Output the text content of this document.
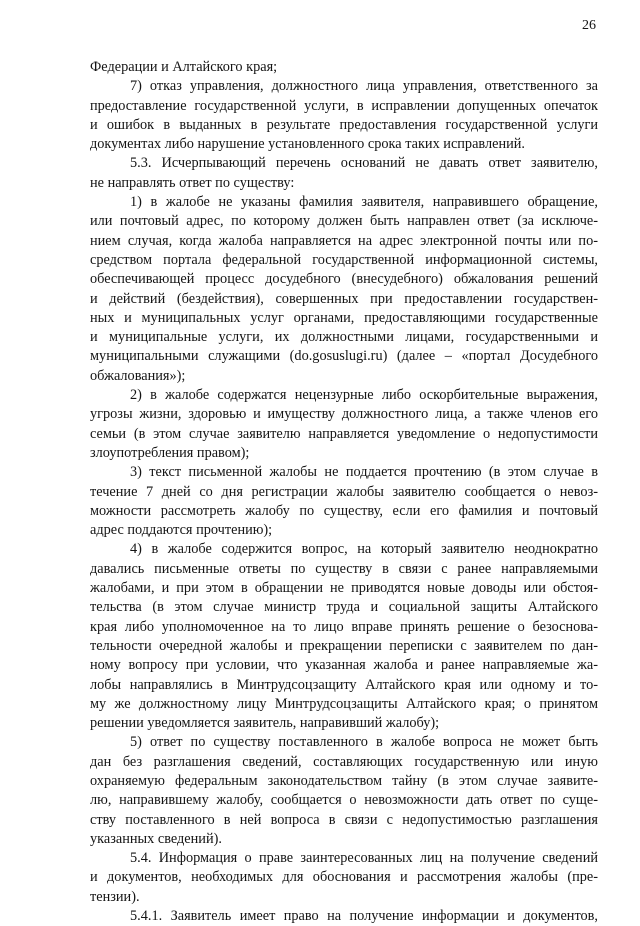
26
Федерации и Алтайского края;
7) отказ управления, должностного лица управления, ответственного за
предоставление государственной услуги, в исправлении допущенных опечаток
и ошибок в выданных в результате предоставления государственной услуги
документах либо нарушение установленного срока таких исправлений.
5.3. Исчерпывающий перечень оснований не давать ответ заявителю,
не направлять ответ по существу:
1) в жалобе не указаны фамилия заявителя, направившего обращение,
или почтовый адрес, по которому должен быть направлен ответ (за исключе-
нием случая, когда жалоба направляется на адрес электронной почты или по-
средством портала федеральной государственной информационной системы,
обеспечивающей процесс досудебного (внесудебного) обжалования решений
и действий (бездействия), совершенных при предоставлении государствен-
ных и муниципальных услуг органами, предоставляющими государственные
и муниципальные услуги, их должностными лицами, государственными и
муниципальными служащими (do.gosuslugi.ru) (далее – «портал Досудебного
обжалования»);
2) в жалобе содержатся нецензурные либо оскорбительные выражения,
угрозы жизни, здоровью и имуществу должностного лица, а также членов его
семьи (в этом случае заявителю направляется уведомление о недопустимости
злоупотребления правом);
3) текст письменной жалобы не поддается прочтению (в этом случае в
течение 7 дней со дня регистрации жалобы заявителю сообщается о невоз-
можности рассмотреть жалобу по существу, если его фамилия и почтовый
адрес поддаются прочтению);
4) в жалобе содержится вопрос, на который заявителю неоднократно
давались письменные ответы по существу в связи с ранее направляемыми
жалобами, и при этом в обращении не приводятся новые доводы или обстоя-
тельства (в этом случае министр труда и социальной защиты Алтайского
края либо уполномоченное на то лицо вправе принять решение о безоснова-
тельности очередной жалобы и прекращении переписки с заявителем по дан-
ному вопросу при условии, что указанная жалоба и ранее направляемые жа-
лобы направлялись в Минтрудсоцзащиту Алтайского края или одному и то-
му же должностному лицу Минтрудсоцзащиты Алтайского края; о принятом
решении уведомляется заявитель, направивший жалобу);
5) ответ по существу поставленного в жалобе вопроса не может быть
дан без разглашения сведений, составляющих государственную или иную
охраняемую федеральным законодательством тайну (в этом случае заявите-
лю, направившему жалобу, сообщается о невозможности дать ответ по суще-
ству поставленного в ней вопроса в связи с недопустимостью разглашения
указанных сведений).
5.4. Информация о праве заинтересованных лиц на получение сведений
и документов, необходимых для обоснования и рассмотрения жалобы (пре-
тензии).
5.4.1. Заявитель имеет право на получение информации и документов,
